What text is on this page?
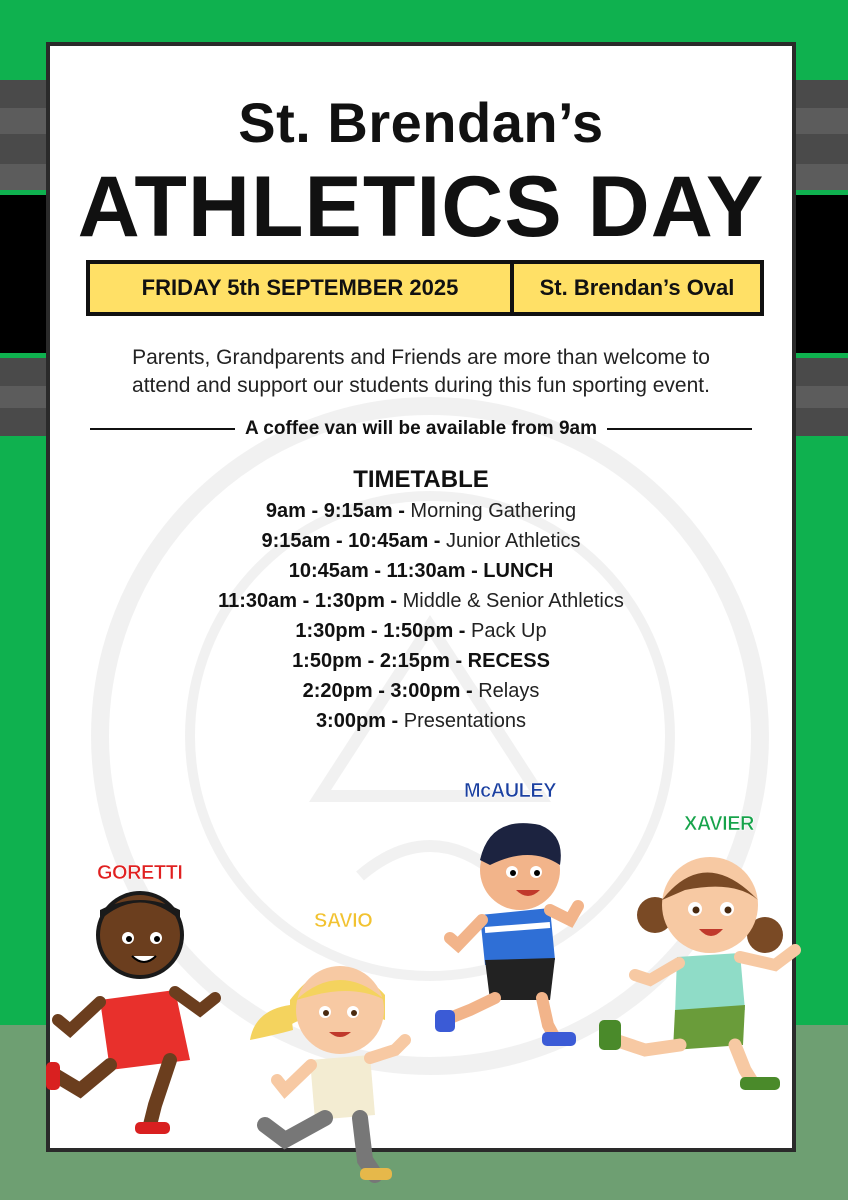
St. Brendan’s
ATHLETICS DAY
FRIDAY 5th SEPTEMBER 2025	St. Brendan’s Oval
Parents, Grandparents and Friends are more than welcome to
attend and support our students during this fun sporting event.
A coffee van will be available from 9am
TIMETABLE
9am - 9:15am - Morning Gathering
9:15am - 10:45am - Junior Athletics
10:45am - 11:30am - LUNCH
11:30am - 1:30pm - Middle & Senior Athletics
1:30pm - 1:50pm - Pack Up
1:50pm - 2:15pm - RECESS
2:20pm - 3:00pm - Relays
3:00pm - Presentations
GORETTI
SAVIO
McAULEY
XAVIER
